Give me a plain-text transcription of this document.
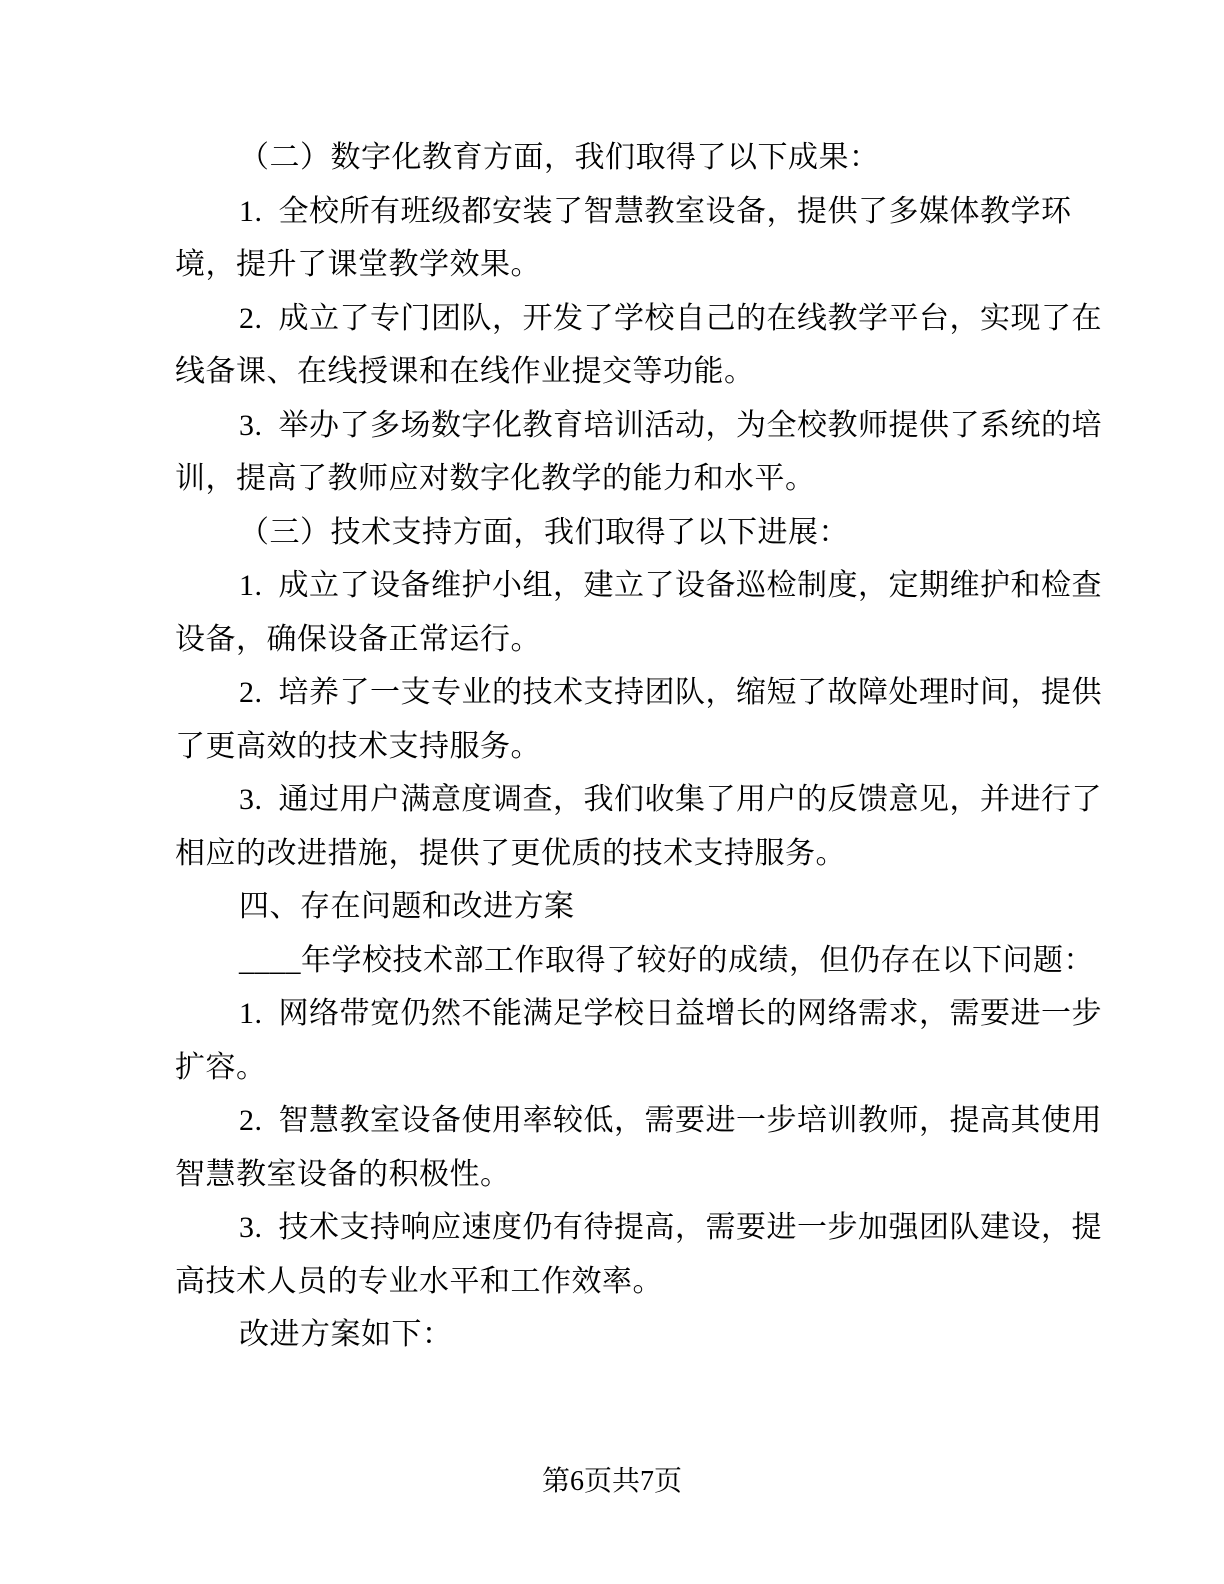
（二）数字化教育方面，我们取得了以下成果：
1.  全校所有班级都安装了智慧教室设备，提供了多媒体教学环
境，提升了课堂教学效果。
2.  成立了专门团队，开发了学校自己的在线教学平台，实现了在
线备课、在线授课和在线作业提交等功能。
3.  举办了多场数字化教育培训活动，为全校教师提供了系统的培
训，提高了教师应对数字化教学的能力和水平。
（三）技术支持方面，我们取得了以下进展：
1.  成立了设备维护小组，建立了设备巡检制度，定期维护和检查
设备，确保设备正常运行。
2.  培养了一支专业的技术支持团队，缩短了故障处理时间，提供
了更高效的技术支持服务。
3.  通过用户满意度调查，我们收集了用户的反馈意见，并进行了
相应的改进措施，提供了更优质的技术支持服务。
四、存在问题和改进方案
____年学校技术部工作取得了较好的成绩，但仍存在以下问题：
1.  网络带宽仍然不能满足学校日益增长的网络需求，需要进一步
扩容。
2.  智慧教室设备使用率较低，需要进一步培训教师，提高其使用
智慧教室设备的积极性。
3.  技术支持响应速度仍有待提高，需要进一步加强团队建设，提
高技术人员的专业水平和工作效率。
改进方案如下：
第6页共7页
